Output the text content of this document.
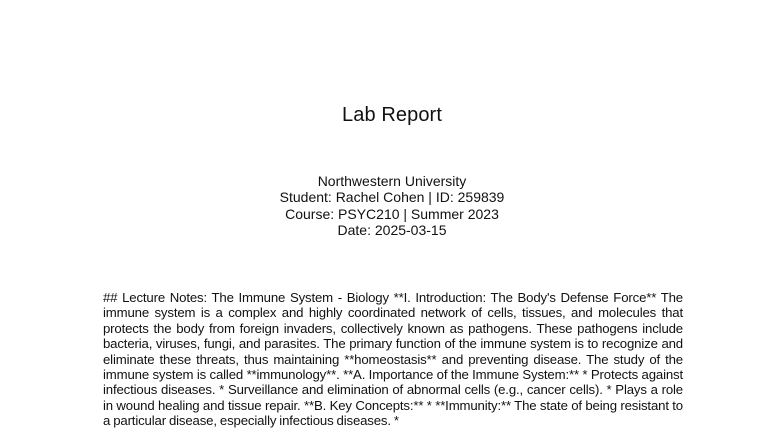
Lab Report
Northwestern University
Student: Rachel Cohen | ID: 259839
Course: PSYC210 | Summer 2023
Date: 2025-03-15
## Lecture Notes: The Immune System - Biology **I. Introduction: The Body's Defense Force** The immune system is a complex and highly coordinated network of cells, tissues, and molecules that protects the body from foreign invaders, collectively known as pathogens. These pathogens include bacteria, viruses, fungi, and parasites. The primary function of the immune system is to recognize and eliminate these threats, thus maintaining **homeostasis** and preventing disease. The study of the immune system is called **immunology**. **A. Importance of the Immune System:** * Protects against infectious diseases. * Surveillance and elimination of abnormal cells (e.g., cancer cells). * Plays a role in wound healing and tissue repair. **B. Key Concepts:** * **Immunity:** The state of being resistant to a particular disease, especially infectious diseases. *
